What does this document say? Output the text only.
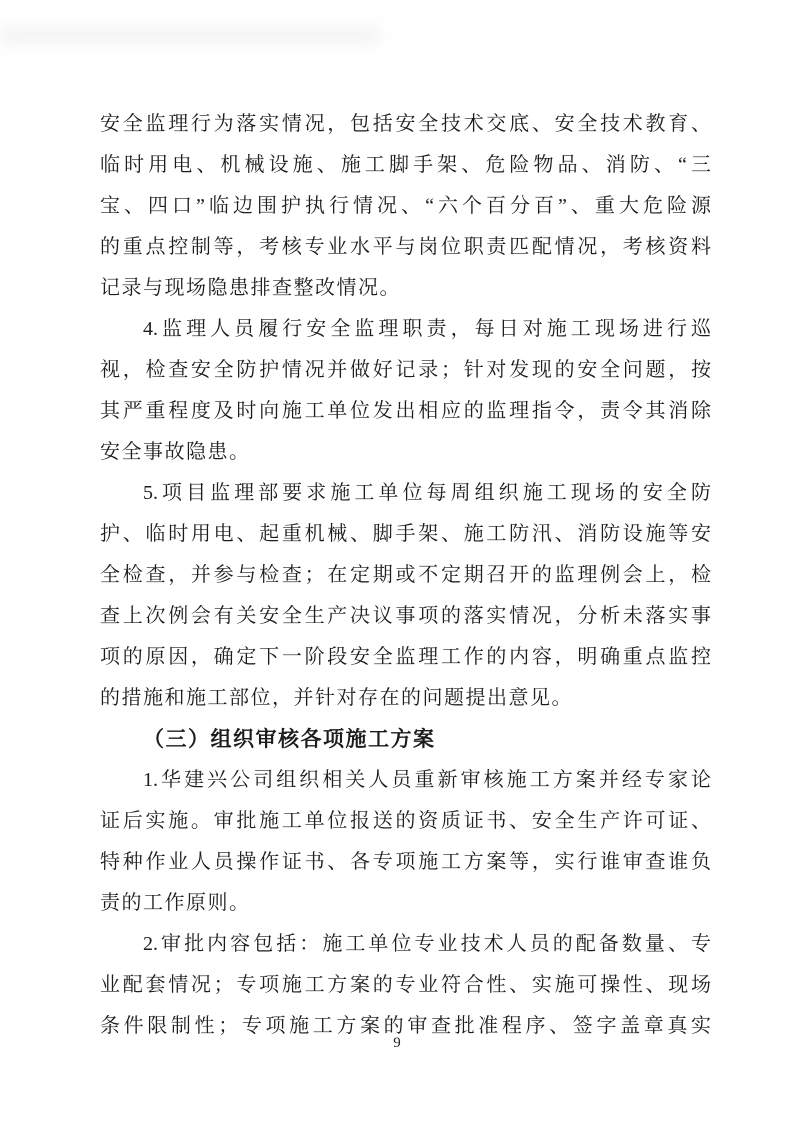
安全监理行为落实情况，包括安全技术交底、安全技术教育、
临时用电、机械设施、施工脚手架、危险物品、消防、“三
宝、四口”临边围护执行情况、“六个百分百”、重大危险源
的重点控制等，考核专业水平与岗位职责匹配情况，考核资料
记录与现场隐患排查整改情况。
4.监理人员履行安全监理职责，每日对施工现场进行巡
视，检查安全防护情况并做好记录；针对发现的安全问题，按
其严重程度及时向施工单位发出相应的监理指令，责令其消除
安全事故隐患。
5.项目监理部要求施工单位每周组织施工现场的安全防
护、临时用电、起重机械、脚手架、施工防汛、消防设施等安
全检查，并参与检查；在定期或不定期召开的监理例会上，检
查上次例会有关安全生产决议事项的落实情况，分析未落实事
项的原因，确定下一阶段安全监理工作的内容，明确重点监控
的措施和施工部位，并针对存在的问题提出意见。
（三）组织审核各项施工方案
1.华建兴公司组织相关人员重新审核施工方案并经专家论
证后实施。审批施工单位报送的资质证书、安全生产许可证、
特种作业人员操作证书、各专项施工方案等，实行谁审查谁负
责的工作原则。
2.审批内容包括：施工单位专业技术人员的配备数量、专
业配套情况；专项施工方案的专业符合性、实施可操性、现场
条件限制性；专项施工方案的审查批准程序、签字盖章真实
9
